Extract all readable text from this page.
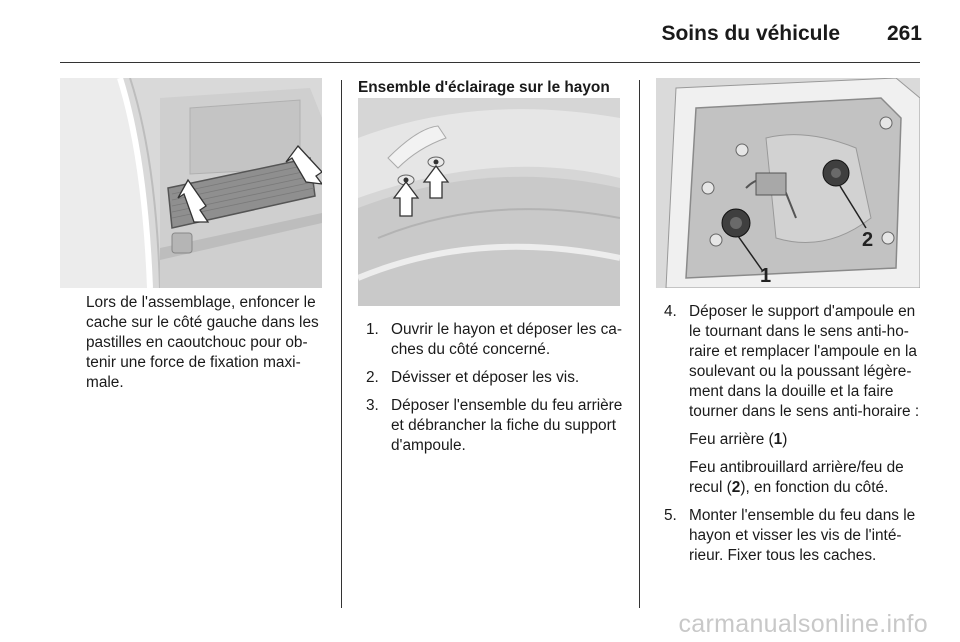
Soins du véhicule	261
Lors de l'assemblage, enfoncer le cache sur le côté gauche dans les pastilles en caoutchouc pour ob-tenir une force de fixation maxi-male.
Ensemble d'éclairage sur le hayon
1. Ouvrir le hayon et déposer les ca-ches du côté concerné.
2. Dévisser et déposer les vis.
3. Déposer l'ensemble du feu arrière et débrancher la fiche du support d'ampoule.
1
2
4. Déposer le support d'ampoule en le tournant dans le sens anti-ho-raire et remplacer l'ampoule en la soulevant ou la poussant légère-ment dans la douille et la faire tourner dans le sens anti-horaire :
Feu arrière (1)
Feu antibrouillard arrière/feu de recul (2), en fonction du côté.
5. Monter l'ensemble du feu dans le hayon et visser les vis de l'inté-rieur. Fixer tous les caches.
carmanualsonline.info
